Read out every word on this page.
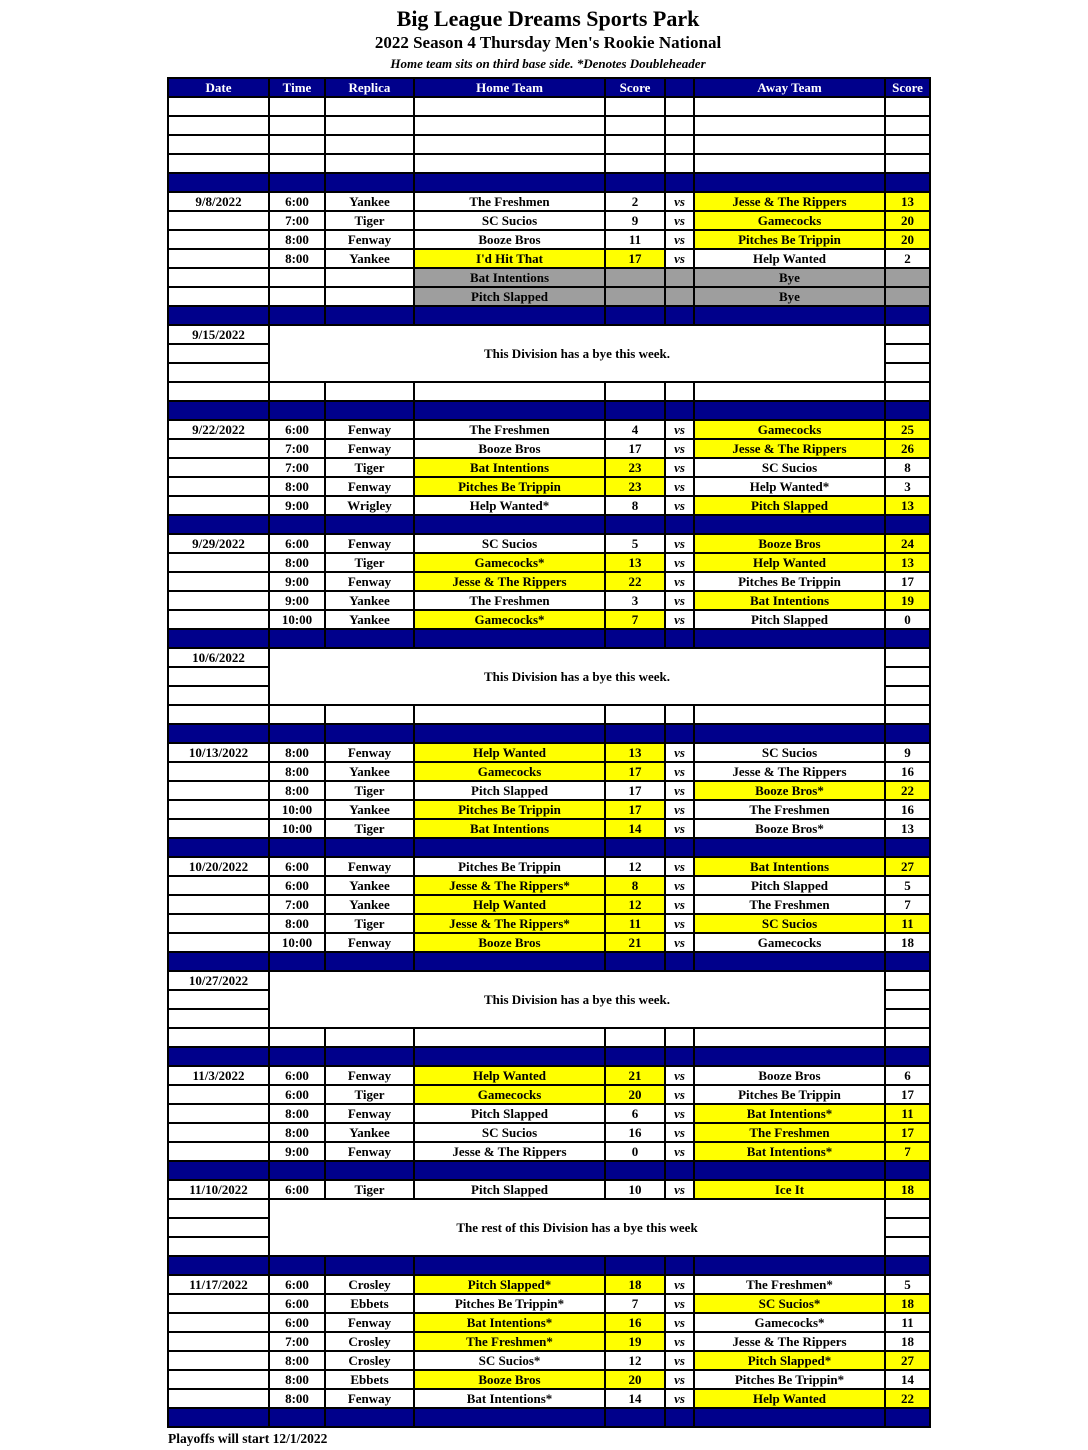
Big League Dreams Sports Park
2022 Season 4 Thursday Men's Rookie National
Home team sits on third base side. *Denotes Doubleheader
Date	Time	Replica	Home Team	Score		Away Team	Score

9/8/2022	6:00	Yankee	The Freshmen	2	vs	Jesse & The Rippers	13
	7:00	Tiger	SC Sucios	9	vs	Gamecocks	20
	8:00	Fenway	Booze Bros	11	vs	Pitches Be Trippin	20
	8:00	Yankee	I'd Hit That	17	vs	Help Wanted	2
			Bat Intentions			Bye	
			Pitch Slapped			Bye	

9/15/2022	This Division has a bye this week.						

9/22/2022	6:00	Fenway	The Freshmen	4	vs	Gamecocks	25
	7:00	Fenway	Booze Bros	17	vs	Jesse & The Rippers	26
	7:00	Tiger	Bat Intentions	23	vs	SC Sucios	8
	8:00	Fenway	Pitches Be Trippin	23	vs	Help Wanted*	3
	9:00	Wrigley	Help Wanted*	8	vs	Pitch Slapped	13

9/29/2022	6:00	Fenway	SC Sucios	5	vs	Booze Bros	24
	8:00	Tiger	Gamecocks*	13	vs	Help Wanted	13
	9:00	Fenway	Jesse & The Rippers	22	vs	Pitches Be Trippin	17
	9:00	Yankee	The Freshmen	3	vs	Bat Intentions	19
	10:00	Yankee	Gamecocks*	7	vs	Pitch Slapped	0

10/6/2022	This Division has a bye this week.						

10/13/2022	8:00	Fenway	Help Wanted	13	vs	SC Sucios	9
	8:00	Yankee	Gamecocks	17	vs	Jesse & The Rippers	16
	8:00	Tiger	Pitch Slapped	17	vs	Booze Bros*	22
	10:00	Yankee	Pitches Be Trippin	17	vs	The Freshmen	16
	10:00	Tiger	Bat Intentions	14	vs	Booze Bros*	13

10/20/2022	6:00	Fenway	Pitches Be Trippin	12	vs	Bat Intentions	27
	6:00	Yankee	Jesse & The Rippers*	8	vs	Pitch Slapped	5
	7:00	Yankee	Help Wanted	12	vs	The Freshmen	7
	8:00	Tiger	Jesse & The Rippers*	11	vs	SC Sucios	11
	10:00	Fenway	Booze Bros	21	vs	Gamecocks	18

10/27/2022	This Division has a bye this week.						

11/3/2022	6:00	Fenway	Help Wanted	21	vs	Booze Bros	6
	6:00	Tiger	Gamecocks	20	vs	Pitches Be Trippin	17
	8:00	Fenway	Pitch Slapped	6	vs	Bat Intentions*	11
	8:00	Yankee	SC Sucios	16	vs	The Freshmen	17
	9:00	Fenway	Jesse & The Rippers	0	vs	Bat Intentions*	7

11/10/2022	6:00	Tiger	Pitch Slapped	10	vs	Ice It	18
	The rest of this Division has a bye this week						

11/17/2022	6:00	Crosley	Pitch Slapped*	18	vs	The Freshmen*	5
	6:00	Ebbets	Pitches Be Trippin*	7	vs	SC Sucios*	18
	6:00	Fenway	Bat Intentions*	16	vs	Gamecocks*	11
	7:00	Crosley	The Freshmen*	19	vs	Jesse & The Rippers	18
	8:00	Crosley	SC Sucios*	12	vs	Pitch Slapped*	27
	8:00	Ebbets	Booze Bros	20	vs	Pitches Be Trippin*	14
	8:00	Fenway	Bat Intentions*	14	vs	Help Wanted	22

Playoffs will start 12/1/2022
